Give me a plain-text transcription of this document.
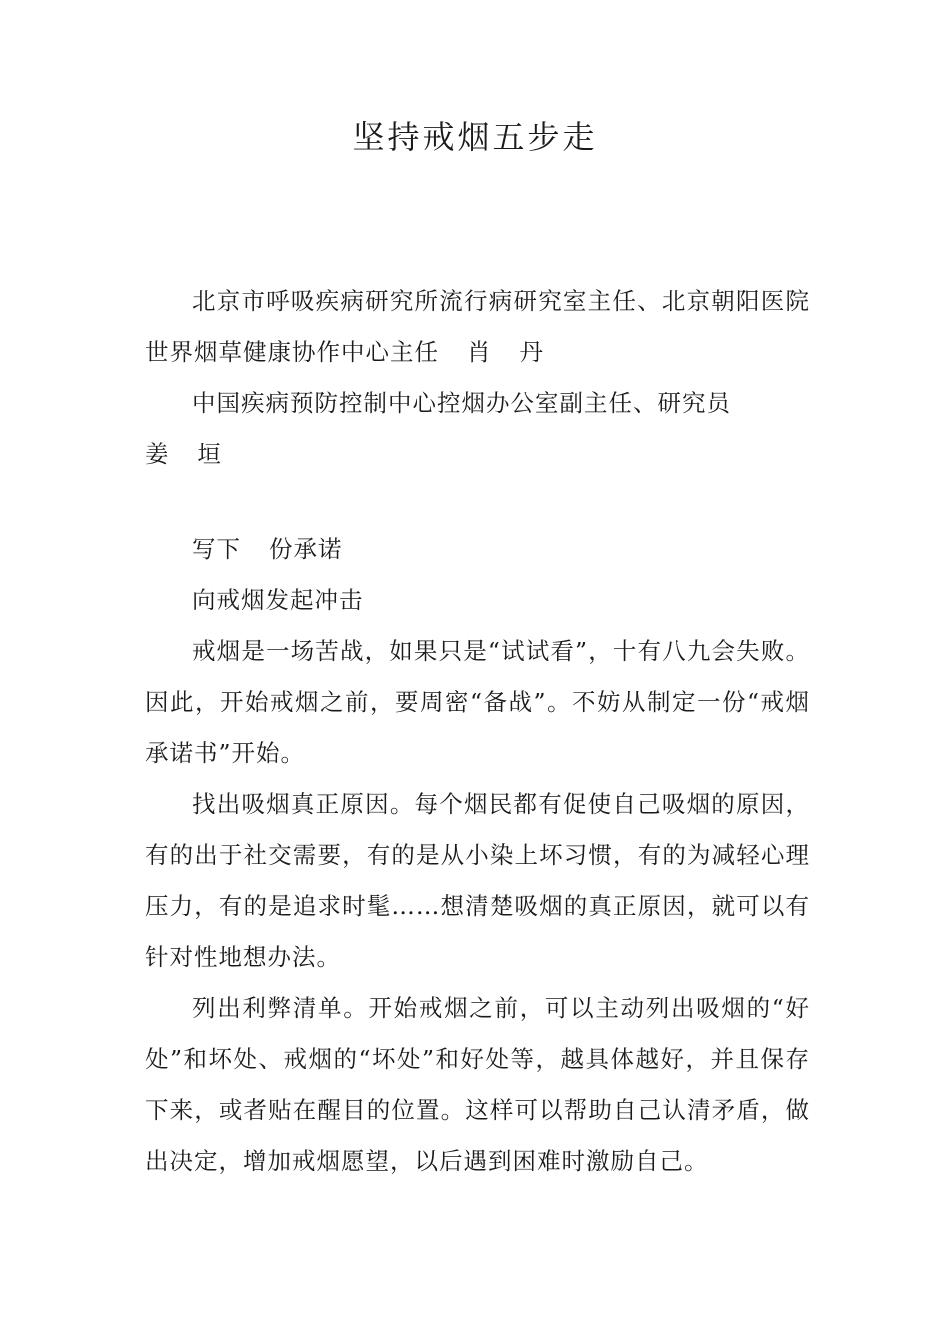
坚持戒烟五步走

北京市呼吸疾病研究所流行病研究室主任、北京朝阳医院世界烟草健康协作中心主任 肖 丹

中国疾病预防控制中心控烟办公室副主任、研究员

姜 垣

写下 份承诺

向戒烟发起冲击

戒烟是一场苦战，如果只是“试试看”，十有八九会失败。因此，开始戒烟之前，要周密“备战”。不妨从制定一份“戒烟承诺书”开始。

找出吸烟真正原因。每个烟民都有促使自己吸烟的原因，有的出于社交需要，有的是从小染上坏习惯，有的为减轻心理压力，有的是追求时髦……想清楚吸烟的真正原因，就可以有针对性地想办法。

列出利弊清单。开始戒烟之前，可以主动列出吸烟的“好处”和坏处、戒烟的“坏处”和好处等，越具体越好，并且保存下来，或者贴在醒目的位置。这样可以帮助自己认清矛盾，做出决定，增加戒烟愿望，以后遇到困难时激励自己。
